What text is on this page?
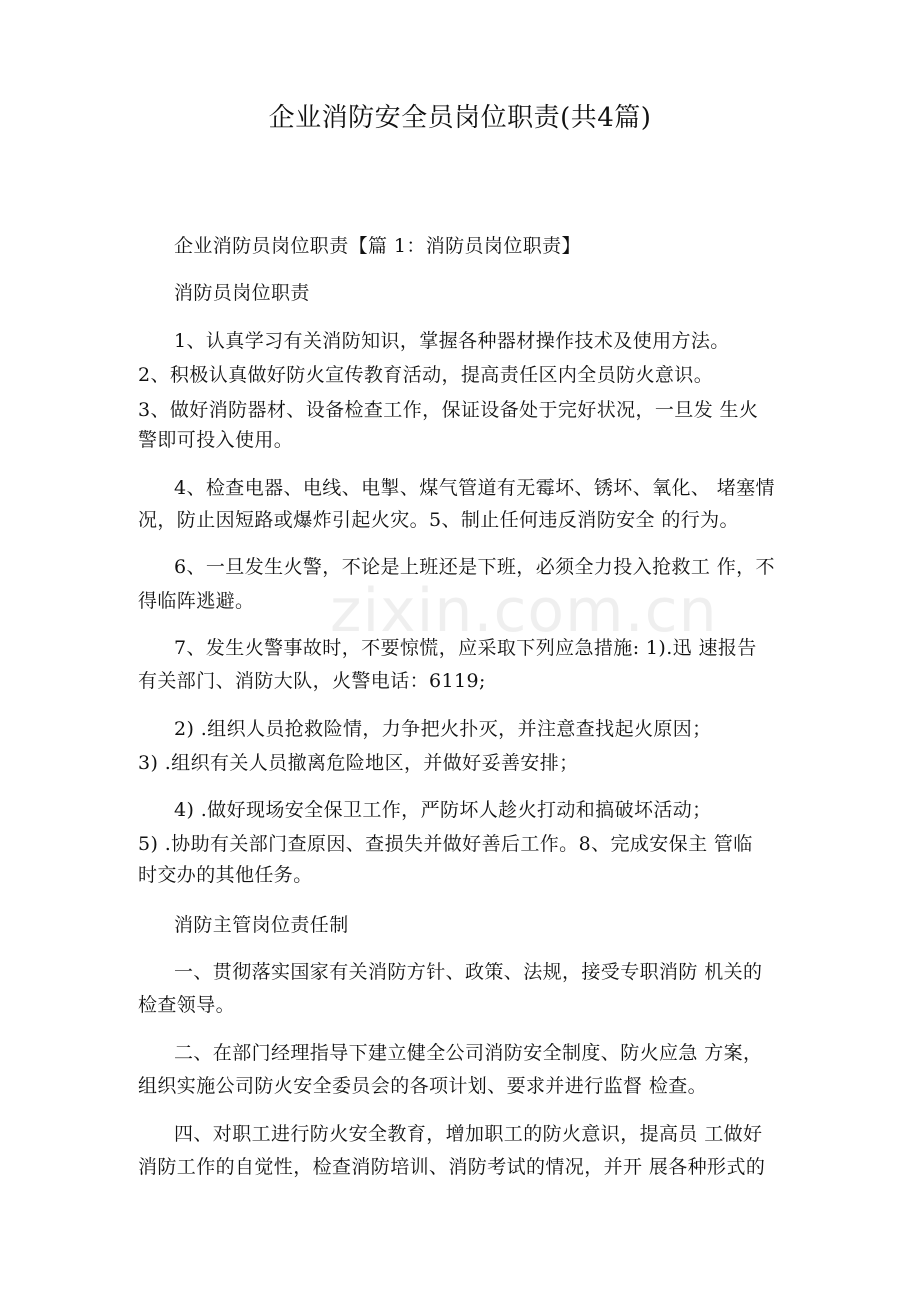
zixin.com.cn
企业消防安全员岗位职责(共4篇)
企业消防员岗位职责【篇 1：消防员岗位职责】
消防员岗位职责
1、认真学习有关消防知识，掌握各种器材操作技术及使用方法。
2、积极认真做好防火宣传教育活动，提高责任区内全员防火意识。
3、做好消防器材、设备检查工作，保证设备处于完好状况，一旦发 生火
警即可投入使用。
4、检查电器、电线、电掣、煤气管道有无霉坏、锈坏、氧化、 堵塞情
况，防止因短路或爆炸引起火灾。5、制止任何违反消防安全 的行为。
6、一旦发生火警，不论是上班还是下班，必须全力投入抢救工 作，不
得临阵逃避。
7、发生火警事故时，不要惊慌，应采取下列应急措施: 1).迅 速报告
有关部门、消防大队，火警电话：6119;
2) .组织人员抢救险情，力争把火扑灭，并注意查找起火原因；
3) .组织有关人员撤离危险地区，并做好妥善安排；
4) .做好现场安全保卫工作，严防坏人趁火打动和搞破坏活动；
5) .协助有关部门查原因、查损失并做好善后工作。8、完成安保主 管临
时交办的其他任务。
消防主管岗位责任制
一、贯彻落实国家有关消防方针、政策、法规，接受专职消防 机关的
检查领导。
二、在部门经理指导下建立健全公司消防安全制度、防火应急 方案，
组织实施公司防火安全委员会的各项计划、要求并进行监督 检查。
四、对职工进行防火安全教育，增加职工的防火意识，提高员 工做好
消防工作的自觉性，检查消防培训、消防考试的情况，并开 展各种形式的
